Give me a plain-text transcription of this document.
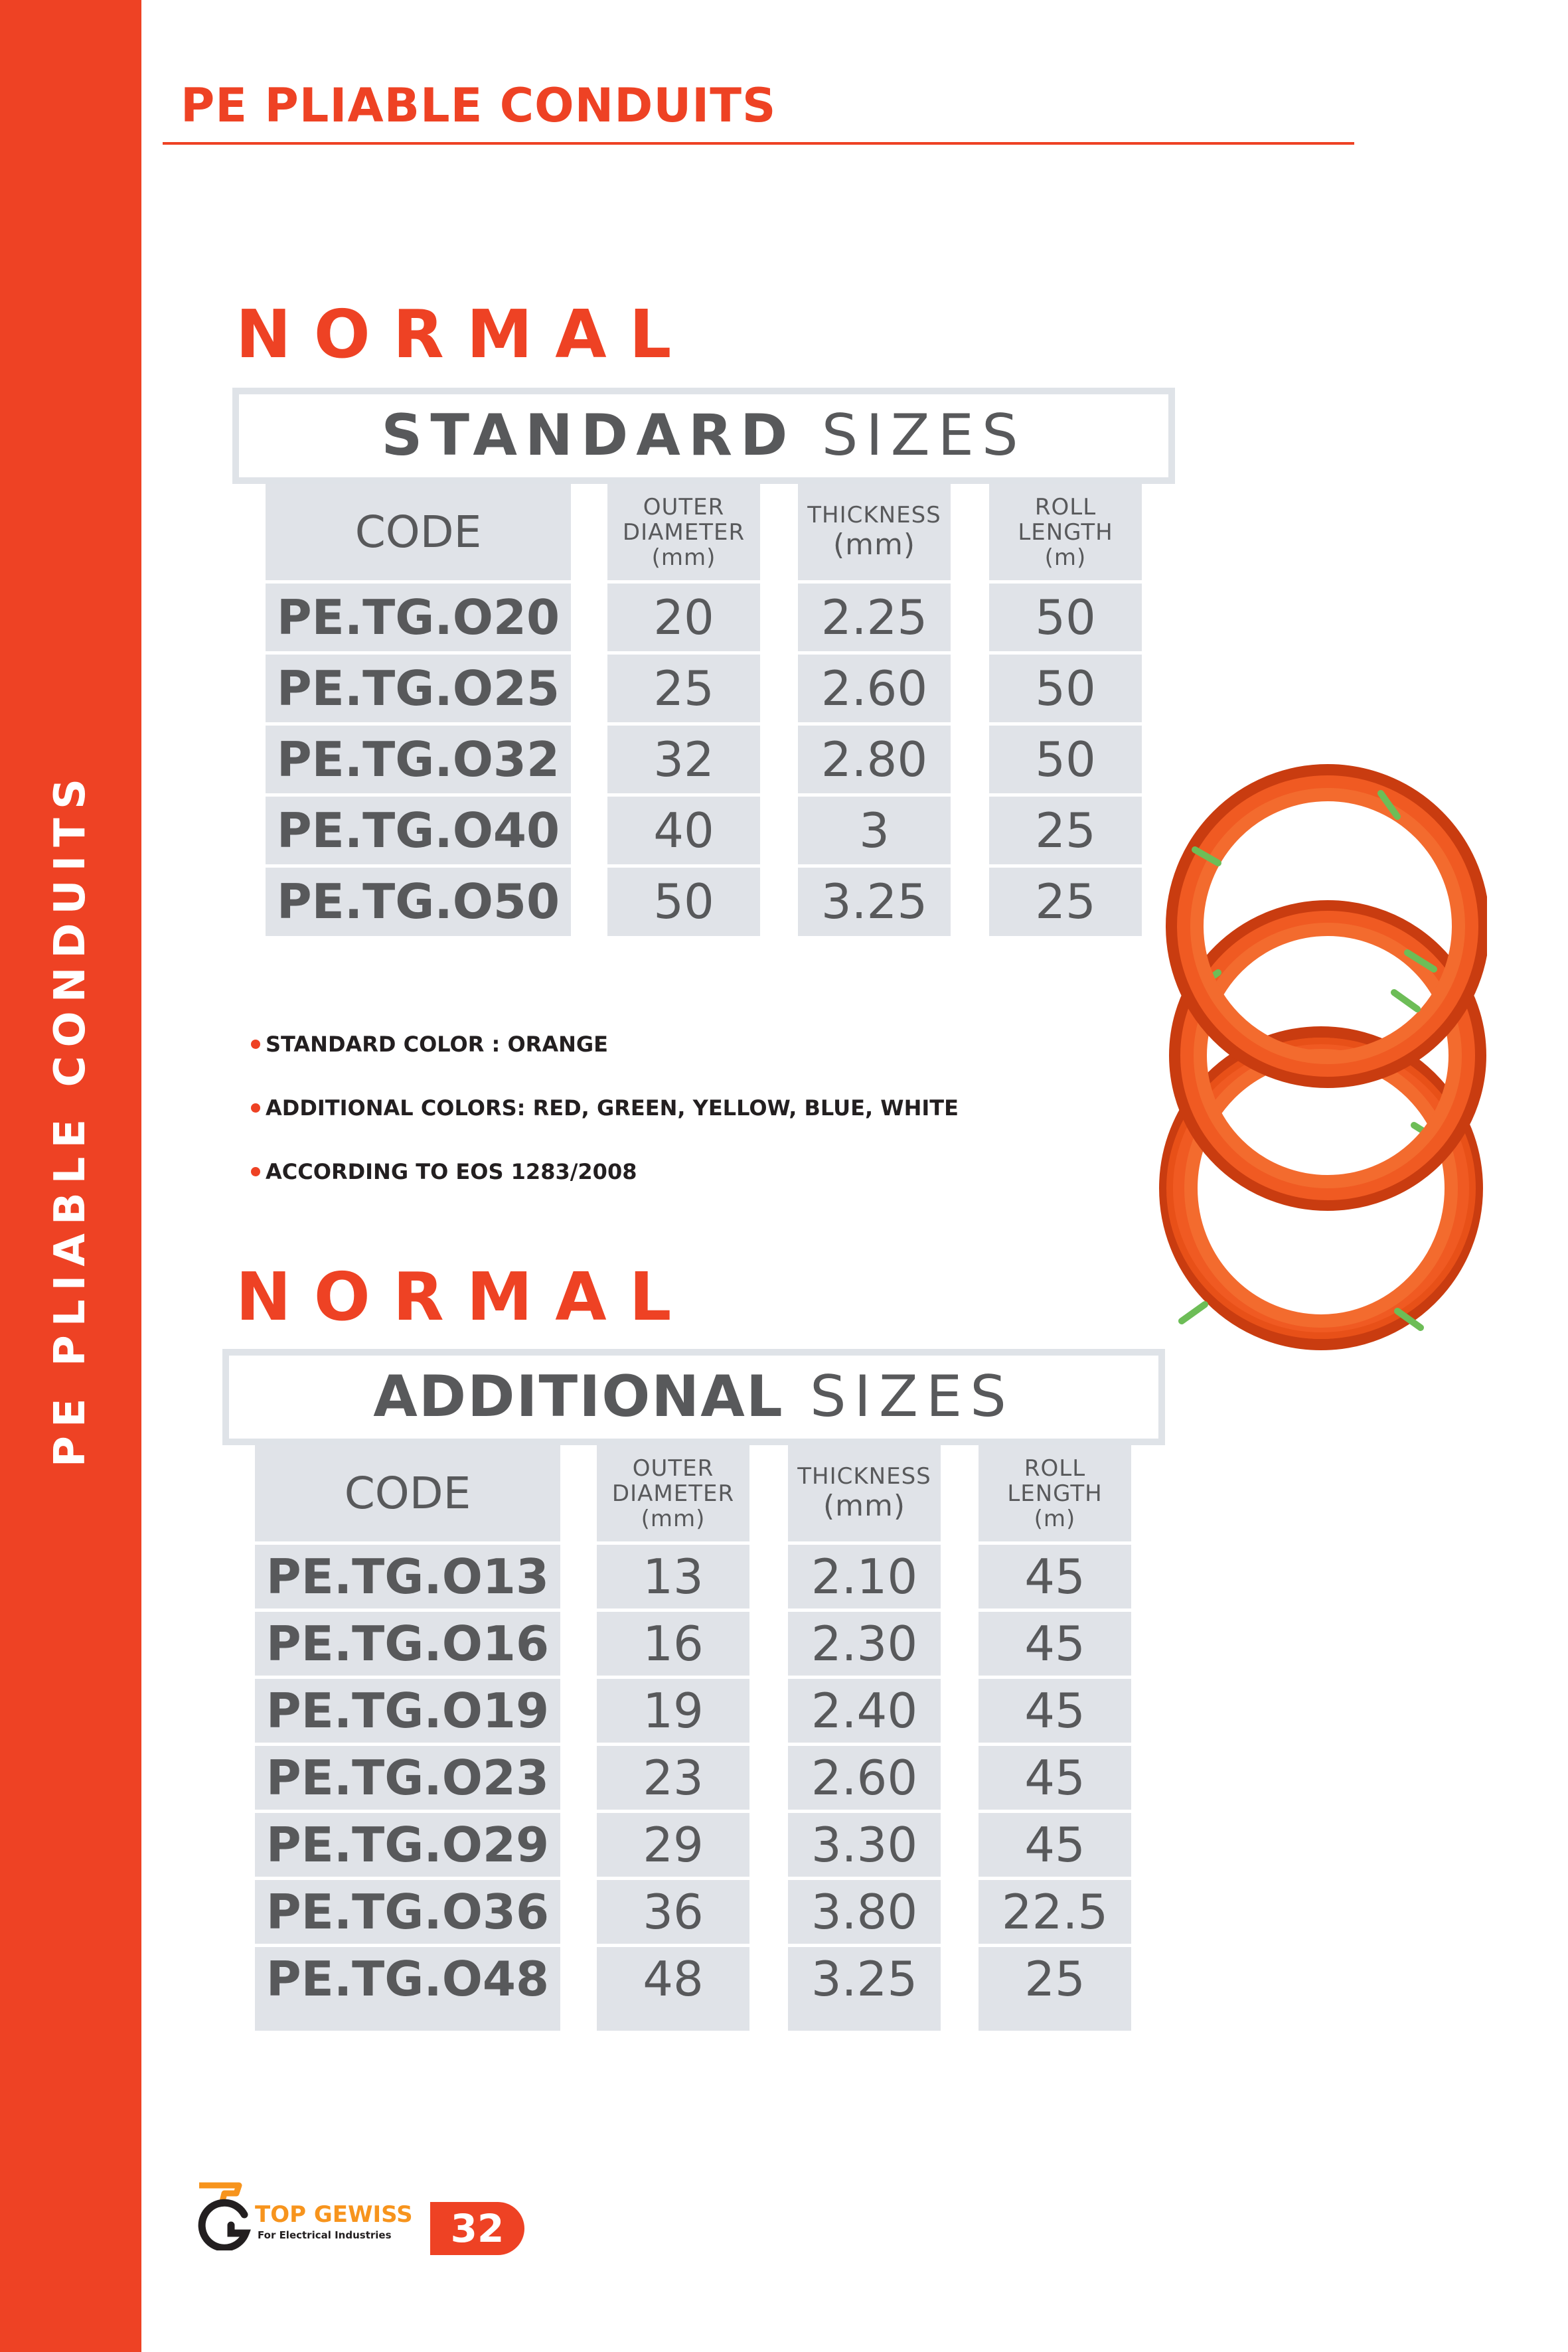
PE PLIABLE CONDUITS
PE PLIABLE CONDUITS
NORMAL
STANDARD SIZES
CODE
PE.TG.O20
PE.TG.O25
PE.TG.O32
PE.TG.O40
PE.TG.O50
OUTER
DIAMETER
(mm)
20
25
32
40
50
THICKNESS
(mm)
2.25
2.60
2.80
3
3.25
ROLL
LENGTH
(m)
50
50
50
25
25
STANDARD COLOR : ORANGE
ADDITIONAL COLORS: RED, GREEN, YELLOW, BLUE, WHITE
ACCORDING TO EOS 1283/2008
NORMAL
ADDITIONAL SIZES
CODE
PE.TG.O13
PE.TG.O16
PE.TG.O19
PE.TG.O23
PE.TG.O29
PE.TG.O36
PE.TG.O48
OUTER
DIAMETER
(mm)
13
16
19
23
29
36
48
THICKNESS
(mm)
2.10
2.30
2.40
2.60
3.30
3.80
3.25
ROLL
LENGTH
(m)
45
45
45
45
45
22.5
25
TOP GEWISS
For Electrical Industries 32
